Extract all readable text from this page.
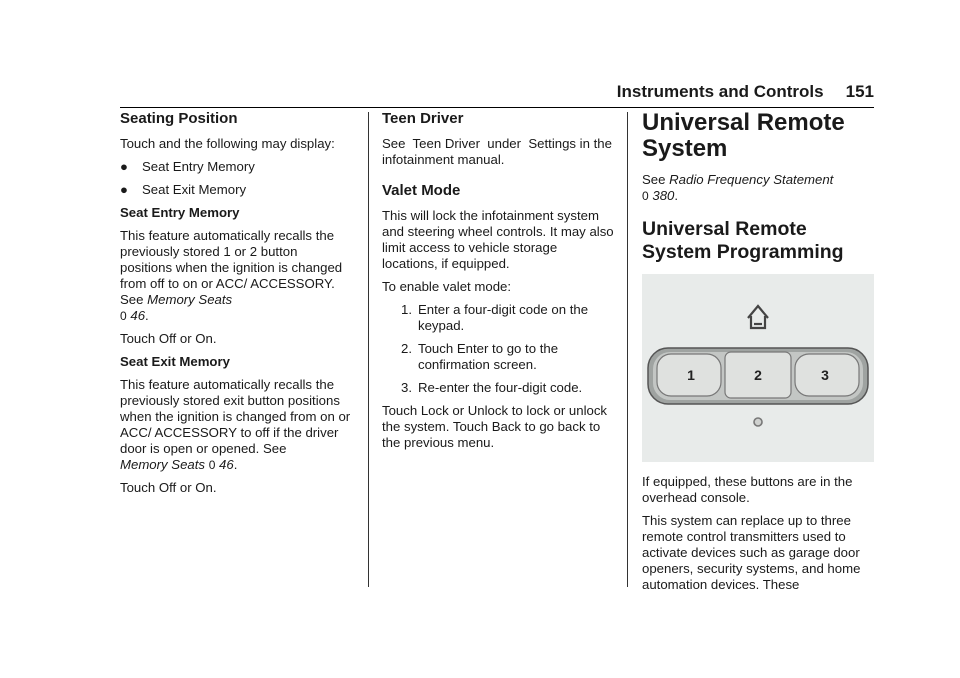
Instruments and Controls 151
Seating Position

Touch and the following may display:

●	Seat Entry Memory
●	Seat Exit Memory
Seat Entry Memory

This feature automatically recalls the previously stored 1 or 2 button positions when the ignition is changed from off to on or ACC/ ACCESSORY. See Memory Seats
0 46.

Touch Off or On.

Seat Exit Memory

This feature automatically recalls the previously stored exit button positions when the ignition is changed from on or ACC/ ACCESSORY to off if the driver door is open or opened. See
Memory Seats 0 46.

Touch Off or On.

Teen Driver

See  Teen Driver  under  Settings in the infotainment manual.

Valet Mode

This will lock the infotainment system and steering wheel controls. It may also limit access to vehicle storage locations, if equipped.

To enable valet mode:

1. Enter a four-digit code on the keypad.
2. Touch Enter to go to the confirmation screen.
3. Re-enter the four-digit code.

Touch Lock or Unlock to lock or unlock the system. Touch Back to go back to the previous menu.

Universal Remote System

See Radio Frequency Statement
0 380.

Universal Remote System Programming
1	2	3

If equipped, these buttons are in the overhead console.

This system can replace up to three remote control transmitters used to activate devices such as garage door openers, security systems, and home automation devices. These
